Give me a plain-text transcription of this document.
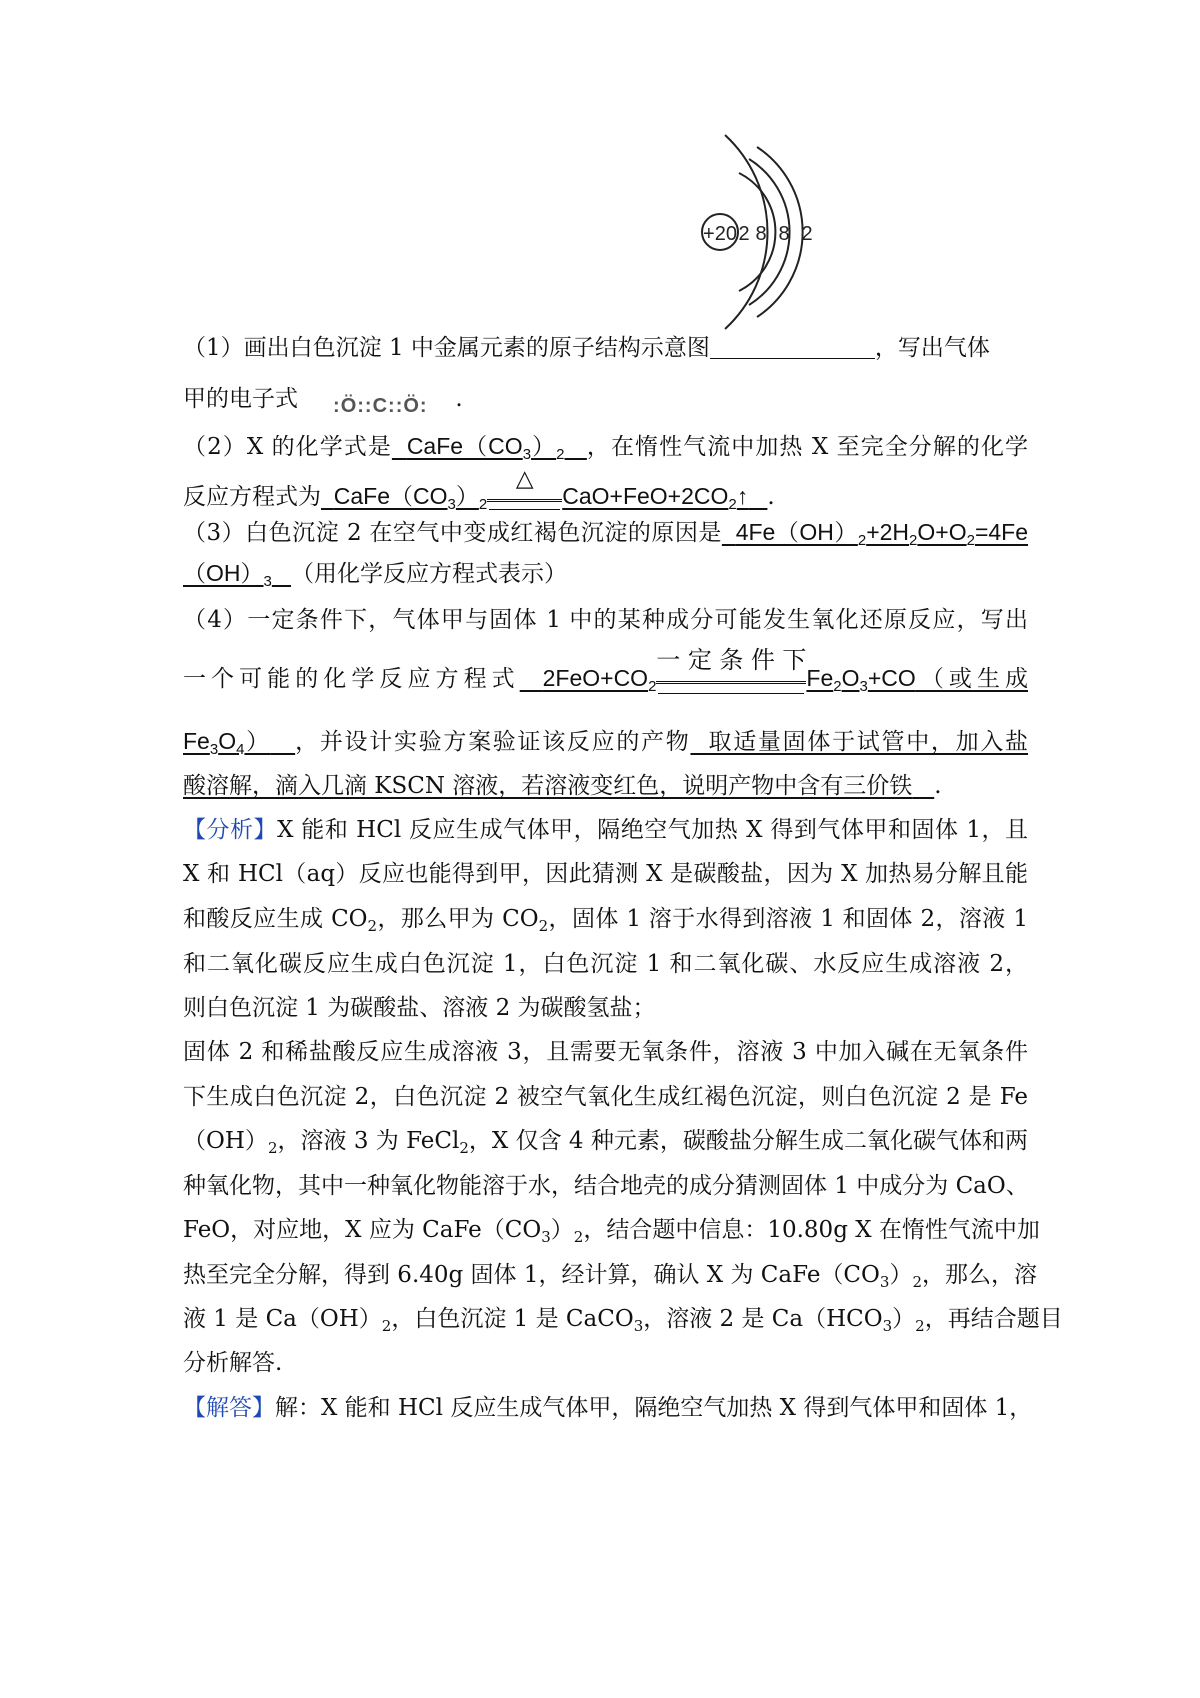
+20 2 8 8 2
（1）画出白色沉淀 1 中金属元素的原子结构示意图	，写出气体
甲的电子式 :Ö::C::Ö: .
（2）X 的化学式是 $CaFe(CO_3)_2$ ，在惰性气流中加热 X 至完全分解的化学
反应方程式为 $CaFe(CO_3)_2$
△
$CaO+FeO+2CO_2↑$ .
（3）白色沉淀 2 在空气中变成红褐色沉淀的原因是 $4Fe(OH)_2+2H_2O+O_2=4Fe$
$(OH)_3$ （用化学反应方程式表示）
（4）一定条件下，气体甲与固体 1 中的某种成分可能发生氧化还原反应，写出
一个可能的化学反应方程式 $2FeO+CO_2$
一定条件下
$Fe_2O_3+CO$（或生成
$Fe_3O_4$） ，并设计实验方案验证该反应的产物 取适量固体于试管中，加入盐
酸溶解，滴入几滴 KSCN 溶液，若溶液变红色，说明产物中含有三价铁 .
【分析】X 能和 HCl 反应生成气体甲，隔绝空气加热 X 得到气体甲和固体 1，且
X 和 HCl（aq）反应也能得到甲，因此猜测 X 是碳酸盐，因为 X 加热易分解且能
和酸反应生成 $CO_2$，那么甲为 $CO_2$，固体 1 溶于水得到溶液 1 和固体 2，溶液 1
和二氧化碳反应生成白色沉淀 1，白色沉淀 1 和二氧化碳、水反应生成溶液 2，
则白色沉淀 1 为碳酸盐、溶液 2 为碳酸氢盐；
固体 2 和稀盐酸反应生成溶液 3，且需要无氧条件，溶液 3 中加入碱在无氧条件
下生成白色沉淀 2，白色沉淀 2 被空气氧化生成红褐色沉淀，则白色沉淀 2 是 Fe
$(OH)_2$，溶液 3 为 FeCl$_2$，X 仅含 4 种元素，碳酸盐分解生成二氧化碳气体和两
种氧化物，其中一种氧化物能溶于水，结合地壳的成分猜测固体 1 中成分为 CaO、
FeO，对应地，X 应为 $CaFe(CO_3)_2$，结合题中信息：10.80g X 在惰性气流中加
热至完全分解，得到 6.40g 固体 1，经计算，确认 X 为 $CaFe(CO_3)_2$，那么，溶
液 1 是 $Ca(OH)_2$，白色沉淀 1 是 CaCO$_3$，溶液 2 是 $Ca(HCO_3)_2$，再结合题目
分析解答.
【解答】解：X 能和 HCl 反应生成气体甲，隔绝空气加热 X 得到气体甲和固体 1，
